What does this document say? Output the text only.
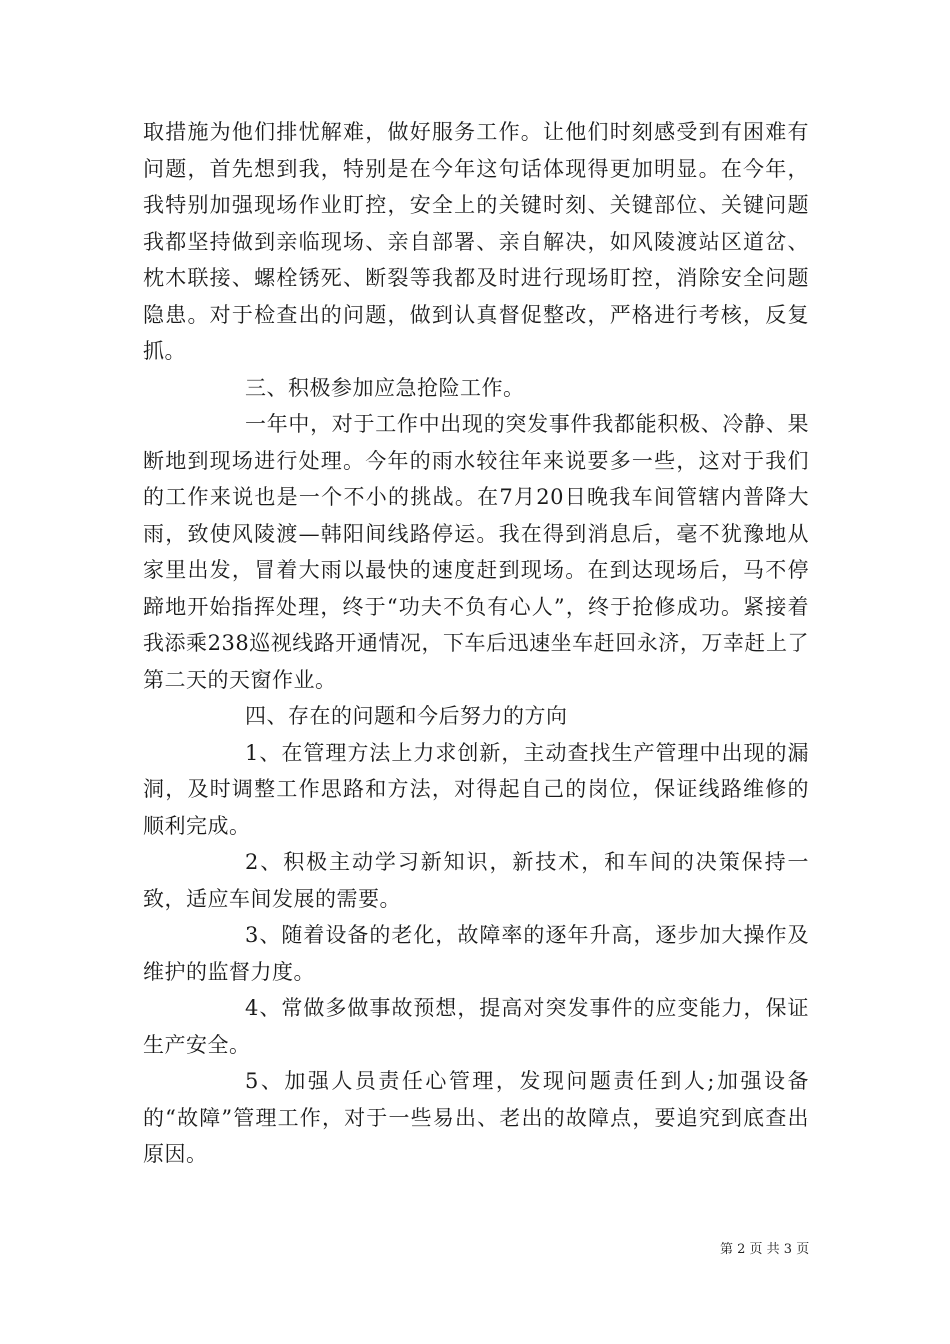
取措施为他们排忧解难，做好服务工作。让他们时刻感受到有困难有问题，首先想到我，特别是在今年这句话体现得更加明显。在今年，我特别加强现场作业盯控，安全上的关键时刻、关键部位、关键问题我都坚持做到亲临现场、亲自部署、亲自解决，如风陵渡站区道岔、枕木联接、螺栓锈死、断裂等我都及时进行现场盯控，消除安全问题隐患。对于检查出的问题，做到认真督促整改，严格进行考核，反复抓。

三、积极参加应急抢险工作。

一年中，对于工作中出现的突发事件我都能积极、冷静、果断地到现场进行处理。今年的雨水较往年来说要多一些，这对于我们的工作来说也是一个不小的挑战。在7月20日晚我车间管辖内普降大雨，致使风陵渡—韩阳间线路停运。我在得到消息后，毫不犹豫地从家里出发，冒着大雨以最快的速度赶到现场。在到达现场后，马不停蹄地开始指挥处理，终于“功夫不负有心人”，终于抢修成功。紧接着我添乘238巡视线路开通情况，下车后迅速坐车赶回永济，万幸赶上了第二天的天窗作业。

四、存在的问题和今后努力的方向

1、在管理方法上力求创新，主动查找生产管理中出现的漏洞，及时调整工作思路和方法，对得起自己的岗位，保证线路维修的顺利完成。

2、积极主动学习新知识，新技术，和车间的决策保持一致，适应车间发展的需要。

3、随着设备的老化，故障率的逐年升高，逐步加大操作及维护的监督力度。

4、常做多做事故预想，提高对突发事件的应变能力，保证生产安全。

5、加强人员责任心管理，发现问题责任到人;加强设备的“故障”管理工作，对于一些易出、老出的故障点，要追究到底查出原因。

第 2 页 共 3 页
